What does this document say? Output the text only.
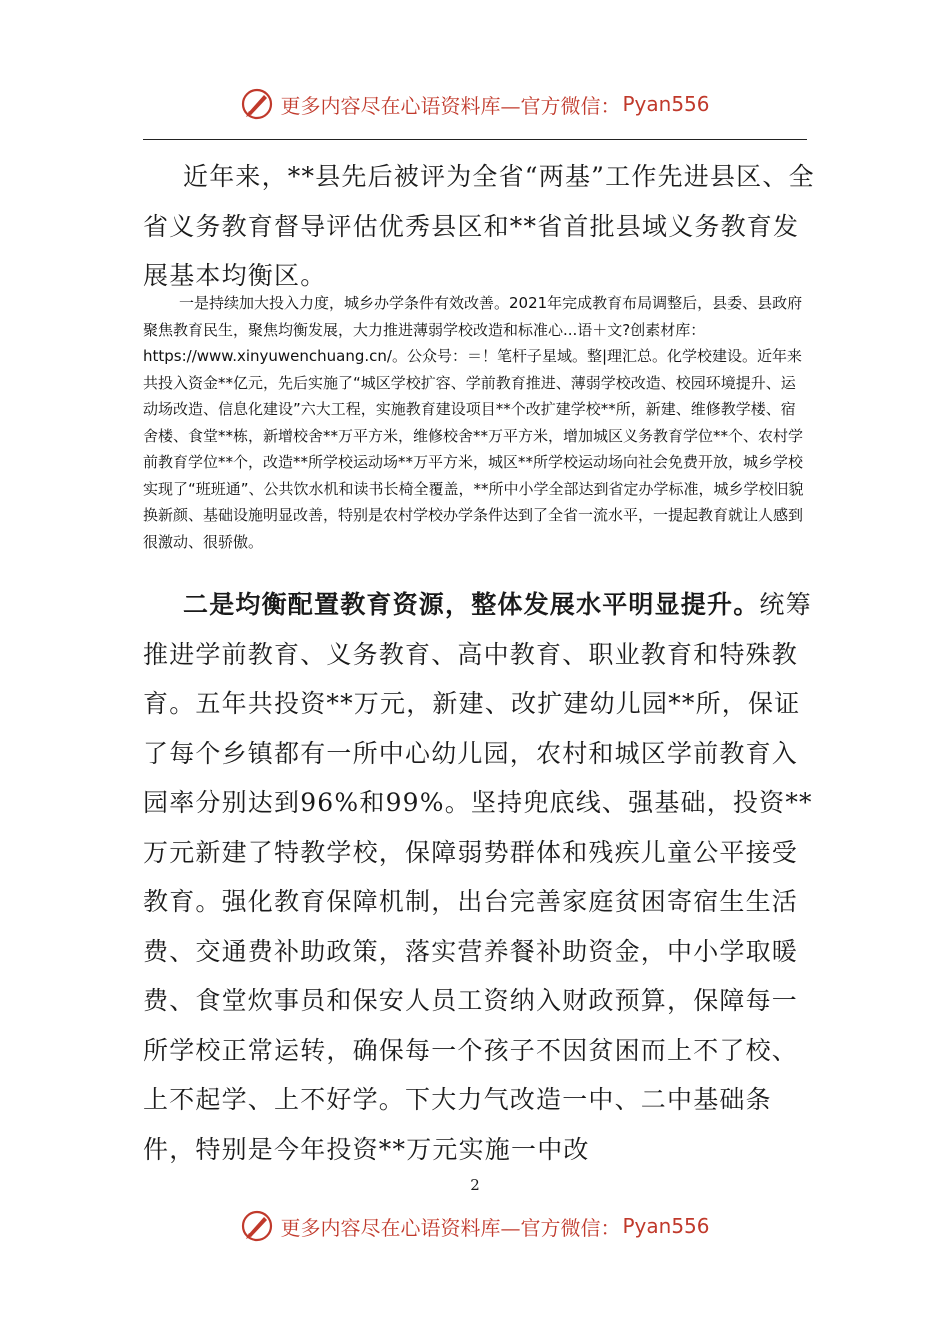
更多内容尽在心语资料库—官方微信： Pyan556

近年来，**县先后被评为全省“两基”工作先进县区、全省义务教育督导评估优秀县区和**省首批县域义务教育发展基本均衡区。

一是持续加大投入力度，城乡办学条件有效改善。2021年完成教育布局调整后，县委、县政府聚焦教育民生，聚焦均衡发展，大力推进薄弱学校改造和标准心...语＋文?创素材库：https://www.xinyuwenchuang.cn/。公众号：＝！笔杆子星域。整|理汇总。化学校建设。近年来共投入资金**亿元，先后实施了“城区学校扩容、学前教育推进、薄弱学校改造、校园环境提升、运动场改造、信息化建设”六大工程，实施教育建设项目**个改扩建学校**所，新建、维修教学楼、宿舍楼、食堂**栋，新增校舍**万平方米，维修校舍**万平方米，增加城区义务教育学位**个、农村学前教育学位**个，改造**所学校运动场**万平方米，城区**所学校运动场向社会免费开放，城乡学校实现了“班班通”、公共饮水机和读书长椅全覆盖，**所中小学全部达到省定办学标准，城乡学校旧貌换新颜、基础设施明显改善，特别是农村学校办学条件达到了全省一流水平，一提起教育就让人感到很激动、很骄傲。

二是均衡配置教育资源，整体发展水平明显提升。统筹推进学前教育、义务教育、高中教育、职业教育和特殊教育。五年共投资**万元，新建、改扩建幼儿园**所，保证了每个乡镇都有一所中心幼儿园，农村和城区学前教育入园率分别达到96%和99%。坚持兜底线、强基础，投资**万元新建了特教学校，保障弱势群体和残疾儿童公平接受教育。强化教育保障机制，出台完善家庭贫困寄宿生生活费、交通费补助政策，落实营养餐补助资金，中小学取暖费、食堂炊事员和保安人员工资纳入财政预算，保障每一所学校正常运转，确保每一个孩子不因贫困而上不了校、上不起学、上不好学。下大力气改造一中、二中基础条件，特别是今年投资**万元实施一中改

2
更多内容尽在心语资料库—官方微信： Pyan556
